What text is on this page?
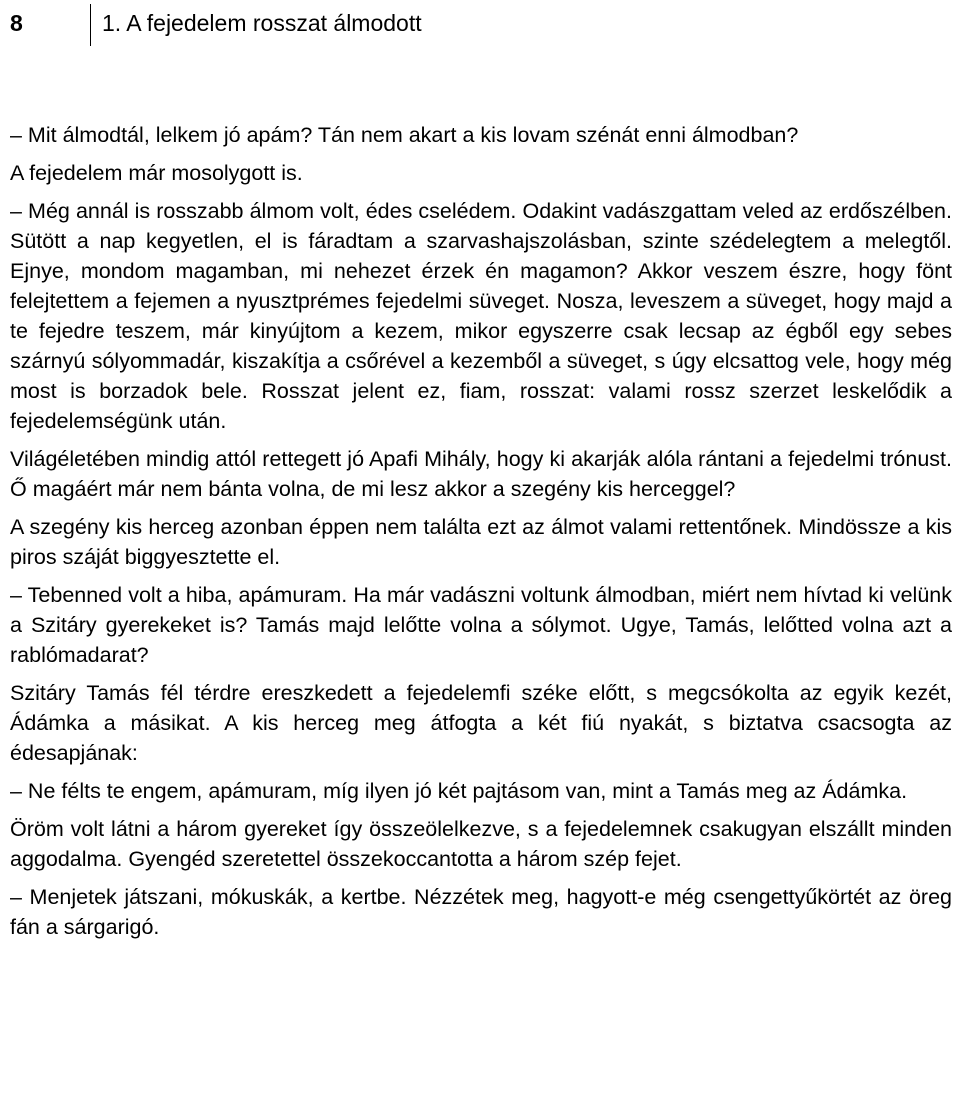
8	1. A fejedelem rosszat álmodott

– Mit álmodtál, lelkem jó apám? Tán nem akart a kis lovam szénát enni álmodban?

A fejedelem már mosolygott is.

– Még annál is rosszabb álmom volt, édes cselédem. Odakint vadászgattam veled az erdőszélben. Sütött a nap kegyetlen, el is fáradtam a szarvashajszolásban, szinte szédelegtem a melegtől. Ejnye, mondom magamban, mi nehezet érzek én magamon? Akkor veszem észre, hogy fönt felejtettem a fejemen a nyusztprémes fejedelmi süveget. Nosza, leveszem a süveget, hogy majd a te fejedre teszem, már kinyújtom a kezem, mikor egyszerre csak lecsap az égből egy sebes szárnyú sólyommadár, kiszakítja a csőrével a kezemből a süveget, s úgy elcsattog vele, hogy még most is borzadok bele. Rosszat jelent ez, fiam, rosszat: valami rossz szerzet leskelődik a fejedelemségünk után.

Világéletében mindig attól rettegett jó Apafi Mihály, hogy ki akarják alóla rántani a fejedelmi trónust. Ő magáért már nem bánta volna, de mi lesz akkor a szegény kis herceggel?

A szegény kis herceg azonban éppen nem találta ezt az álmot valami rettentőnek. Mindössze a kis piros száját biggyesztette el.

– Tebenned volt a hiba, apámuram. Ha már vadászni voltunk álmodban, miért nem hívtad ki velünk a Szitáry gyerekeket is? Tamás majd lelőtte volna a sólymot. Ugye, Tamás, lelőtted volna azt a rablómadarat?

Szitáry Tamás fél térdre ereszkedett a fejedelemfi széke előtt, s megcsókolta az egyik kezét, Ádámka a másikat. A kis herceg meg átfogta a két fiú nyakát, s biztatva csacsogta az édesapjának:

– Ne félts te engem, apámuram, míg ilyen jó két pajtásom van, mint a Tamás meg az Ádámka.

Öröm volt látni a három gyereket így összeölelkezve, s a fejedelemnek csakugyan elszállt minden aggodalma. Gyengéd szeretettel összekoccantotta a három szép fejet.

– Menjetek játszani, mókuskák, a kertbe. Nézzétek meg, hagyott-e még csengettyűkörtét az öreg fán a sárgarigó.
